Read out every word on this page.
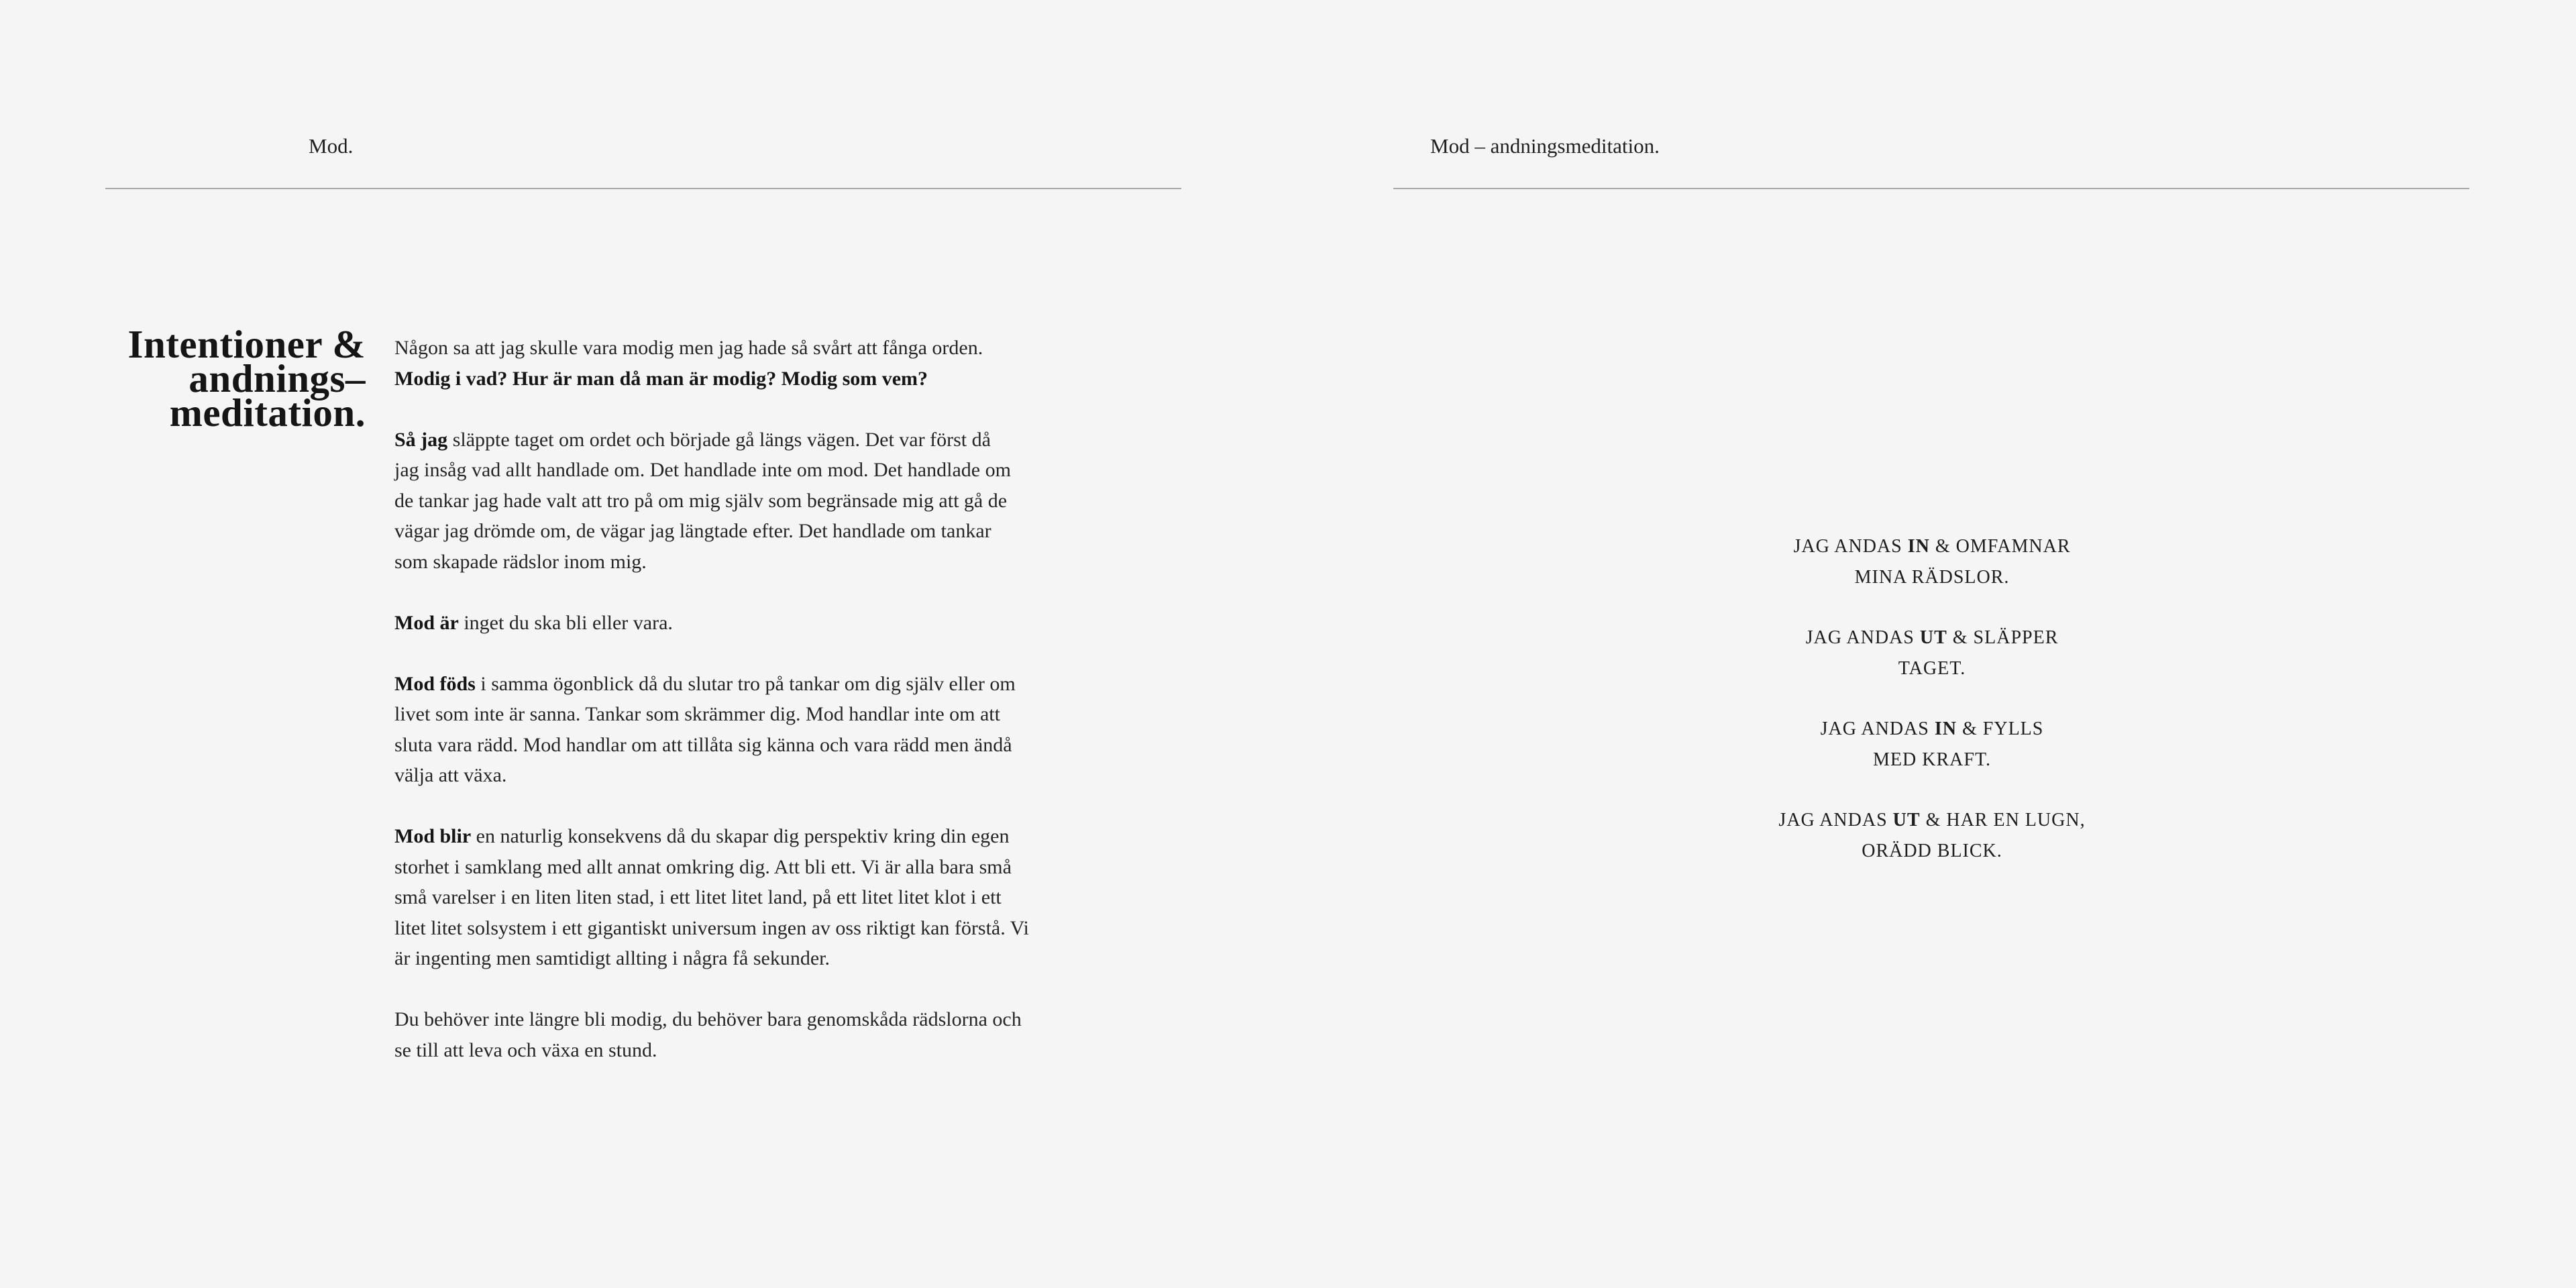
Mod.
Intentioner &
andnings–
meditation.

Någon sa att jag skulle vara modig men jag hade så svårt att fånga orden.
Modig i vad? Hur är man då man är modig? Modig som vem?

Så jag släppte taget om ordet och började gå längs vägen. Det var först då
jag insåg vad allt handlade om. Det handlade inte om mod. Det handlade om
de tankar jag hade valt att tro på om mig själv som begränsade mig att gå de
vägar jag drömde om, de vägar jag längtade efter. Det handlade om tankar
som skapade rädslor inom mig.

Mod är inget du ska bli eller vara.

Mod föds i samma ögonblick då du slutar tro på tankar om dig själv eller om
livet som inte är sanna. Tankar som skrämmer dig. Mod handlar inte om att
sluta vara rädd. Mod handlar om att tillåta sig känna och vara rädd men ändå
välja att växa.

Mod blir en naturlig konsekvens då du skapar dig perspektiv kring din egen
storhet i samklang med allt annat omkring dig. Att bli ett. Vi är alla bara små
små varelser i en liten liten stad, i ett litet litet land, på ett litet litet klot i ett
litet litet solsystem i ett gigantiskt universum ingen av oss riktigt kan förstå. Vi
är ingenting men samtidigt allting i några få sekunder.

Du behöver inte längre bli modig, du behöver bara genomskåda rädslorna och
se till att leva och växa en stund.

Mod – andningsmeditation.
JAG ANDAS IN & OMFAMNAR
MINA RÄDSLOR.
JAG ANDAS UT & SLÄPPER
TAGET.
JAG ANDAS IN & FYLLS
MED KRAFT.
JAG ANDAS UT & HAR EN LUGN,
ORÄDD BLICK.
